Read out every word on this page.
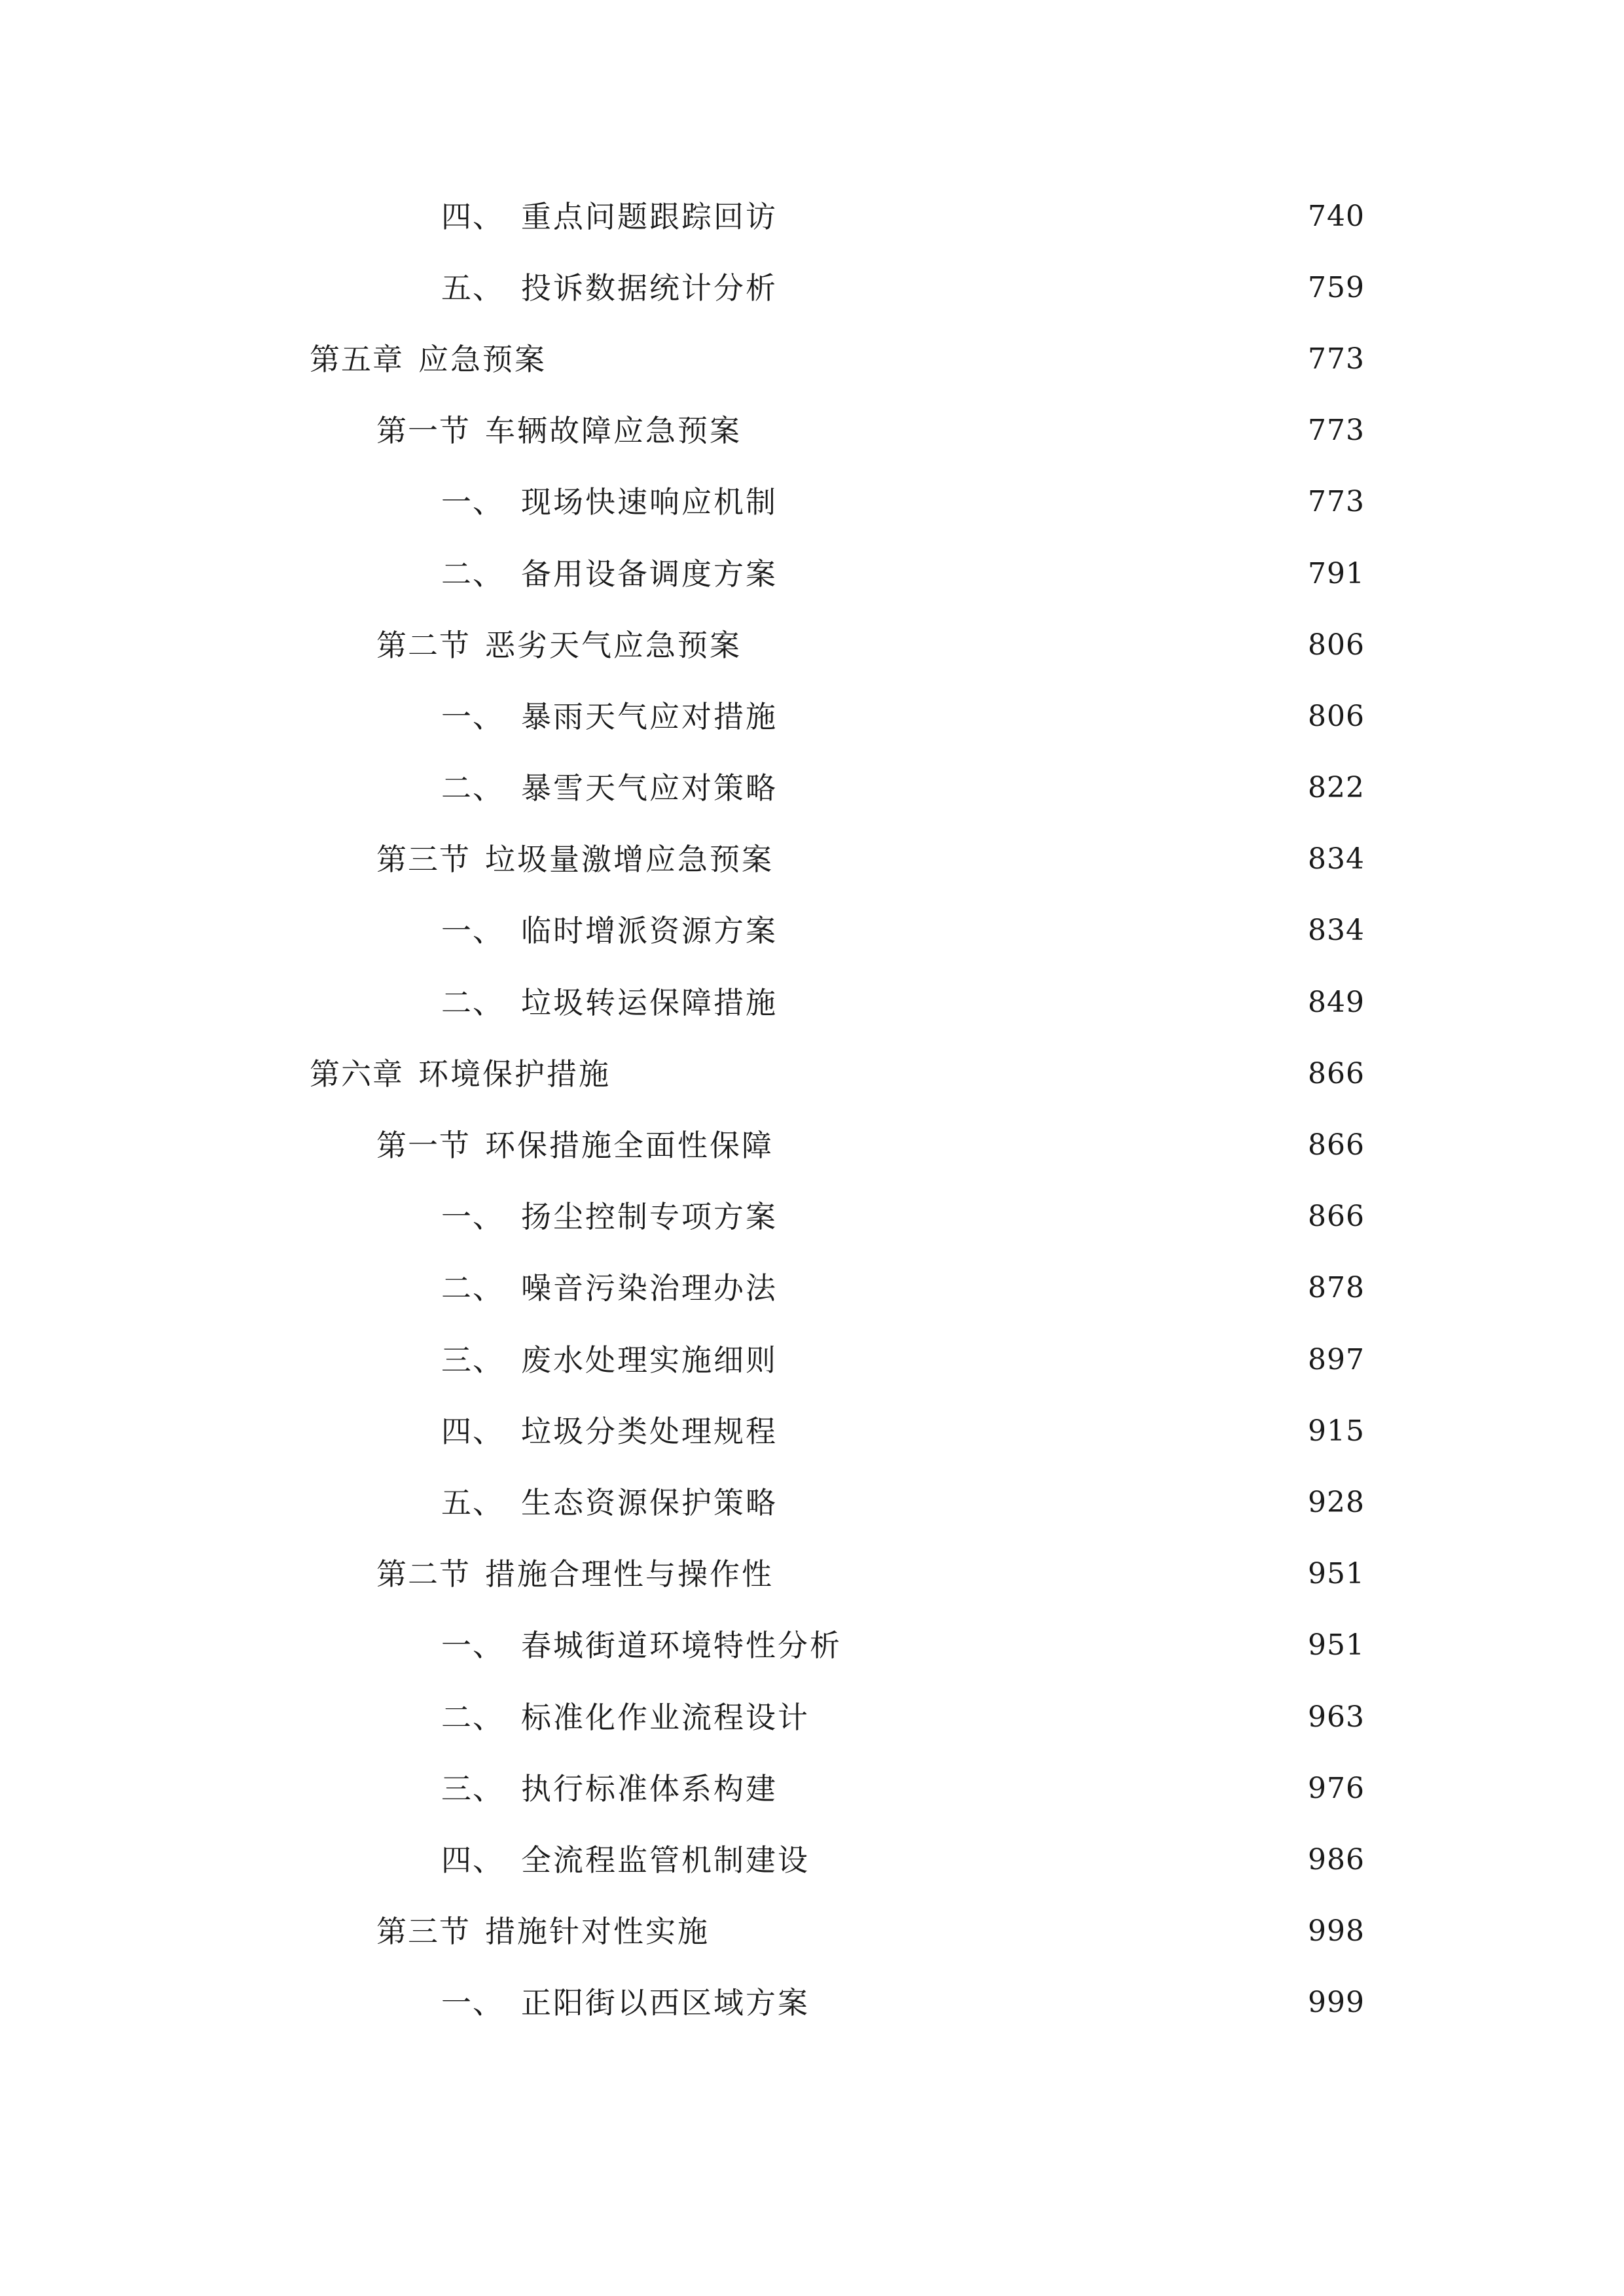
四、 重点问题跟踪回访	740
五、 投诉数据统计分析	759
第五章 应急预案	773
第一节 车辆故障应急预案	773
一、 现场快速响应机制	773
二、 备用设备调度方案	791
第二节 恶劣天气应急预案	806
一、 暴雨天气应对措施	806
二、 暴雪天气应对策略	822
第三节 垃圾量激增应急预案	834
一、 临时增派资源方案	834
二、 垃圾转运保障措施	849
第六章 环境保护措施	866
第一节 环保措施全面性保障	866
一、 扬尘控制专项方案	866
二、 噪音污染治理办法	878
三、 废水处理实施细则	897
四、 垃圾分类处理规程	915
五、 生态资源保护策略	928
第二节 措施合理性与操作性	951
一、 春城街道环境特性分析	951
二、 标准化作业流程设计	963
三、 执行标准体系构建	976
四、 全流程监管机制建设	986
第三节 措施针对性实施	998
一、 正阳街以西区域方案	999
